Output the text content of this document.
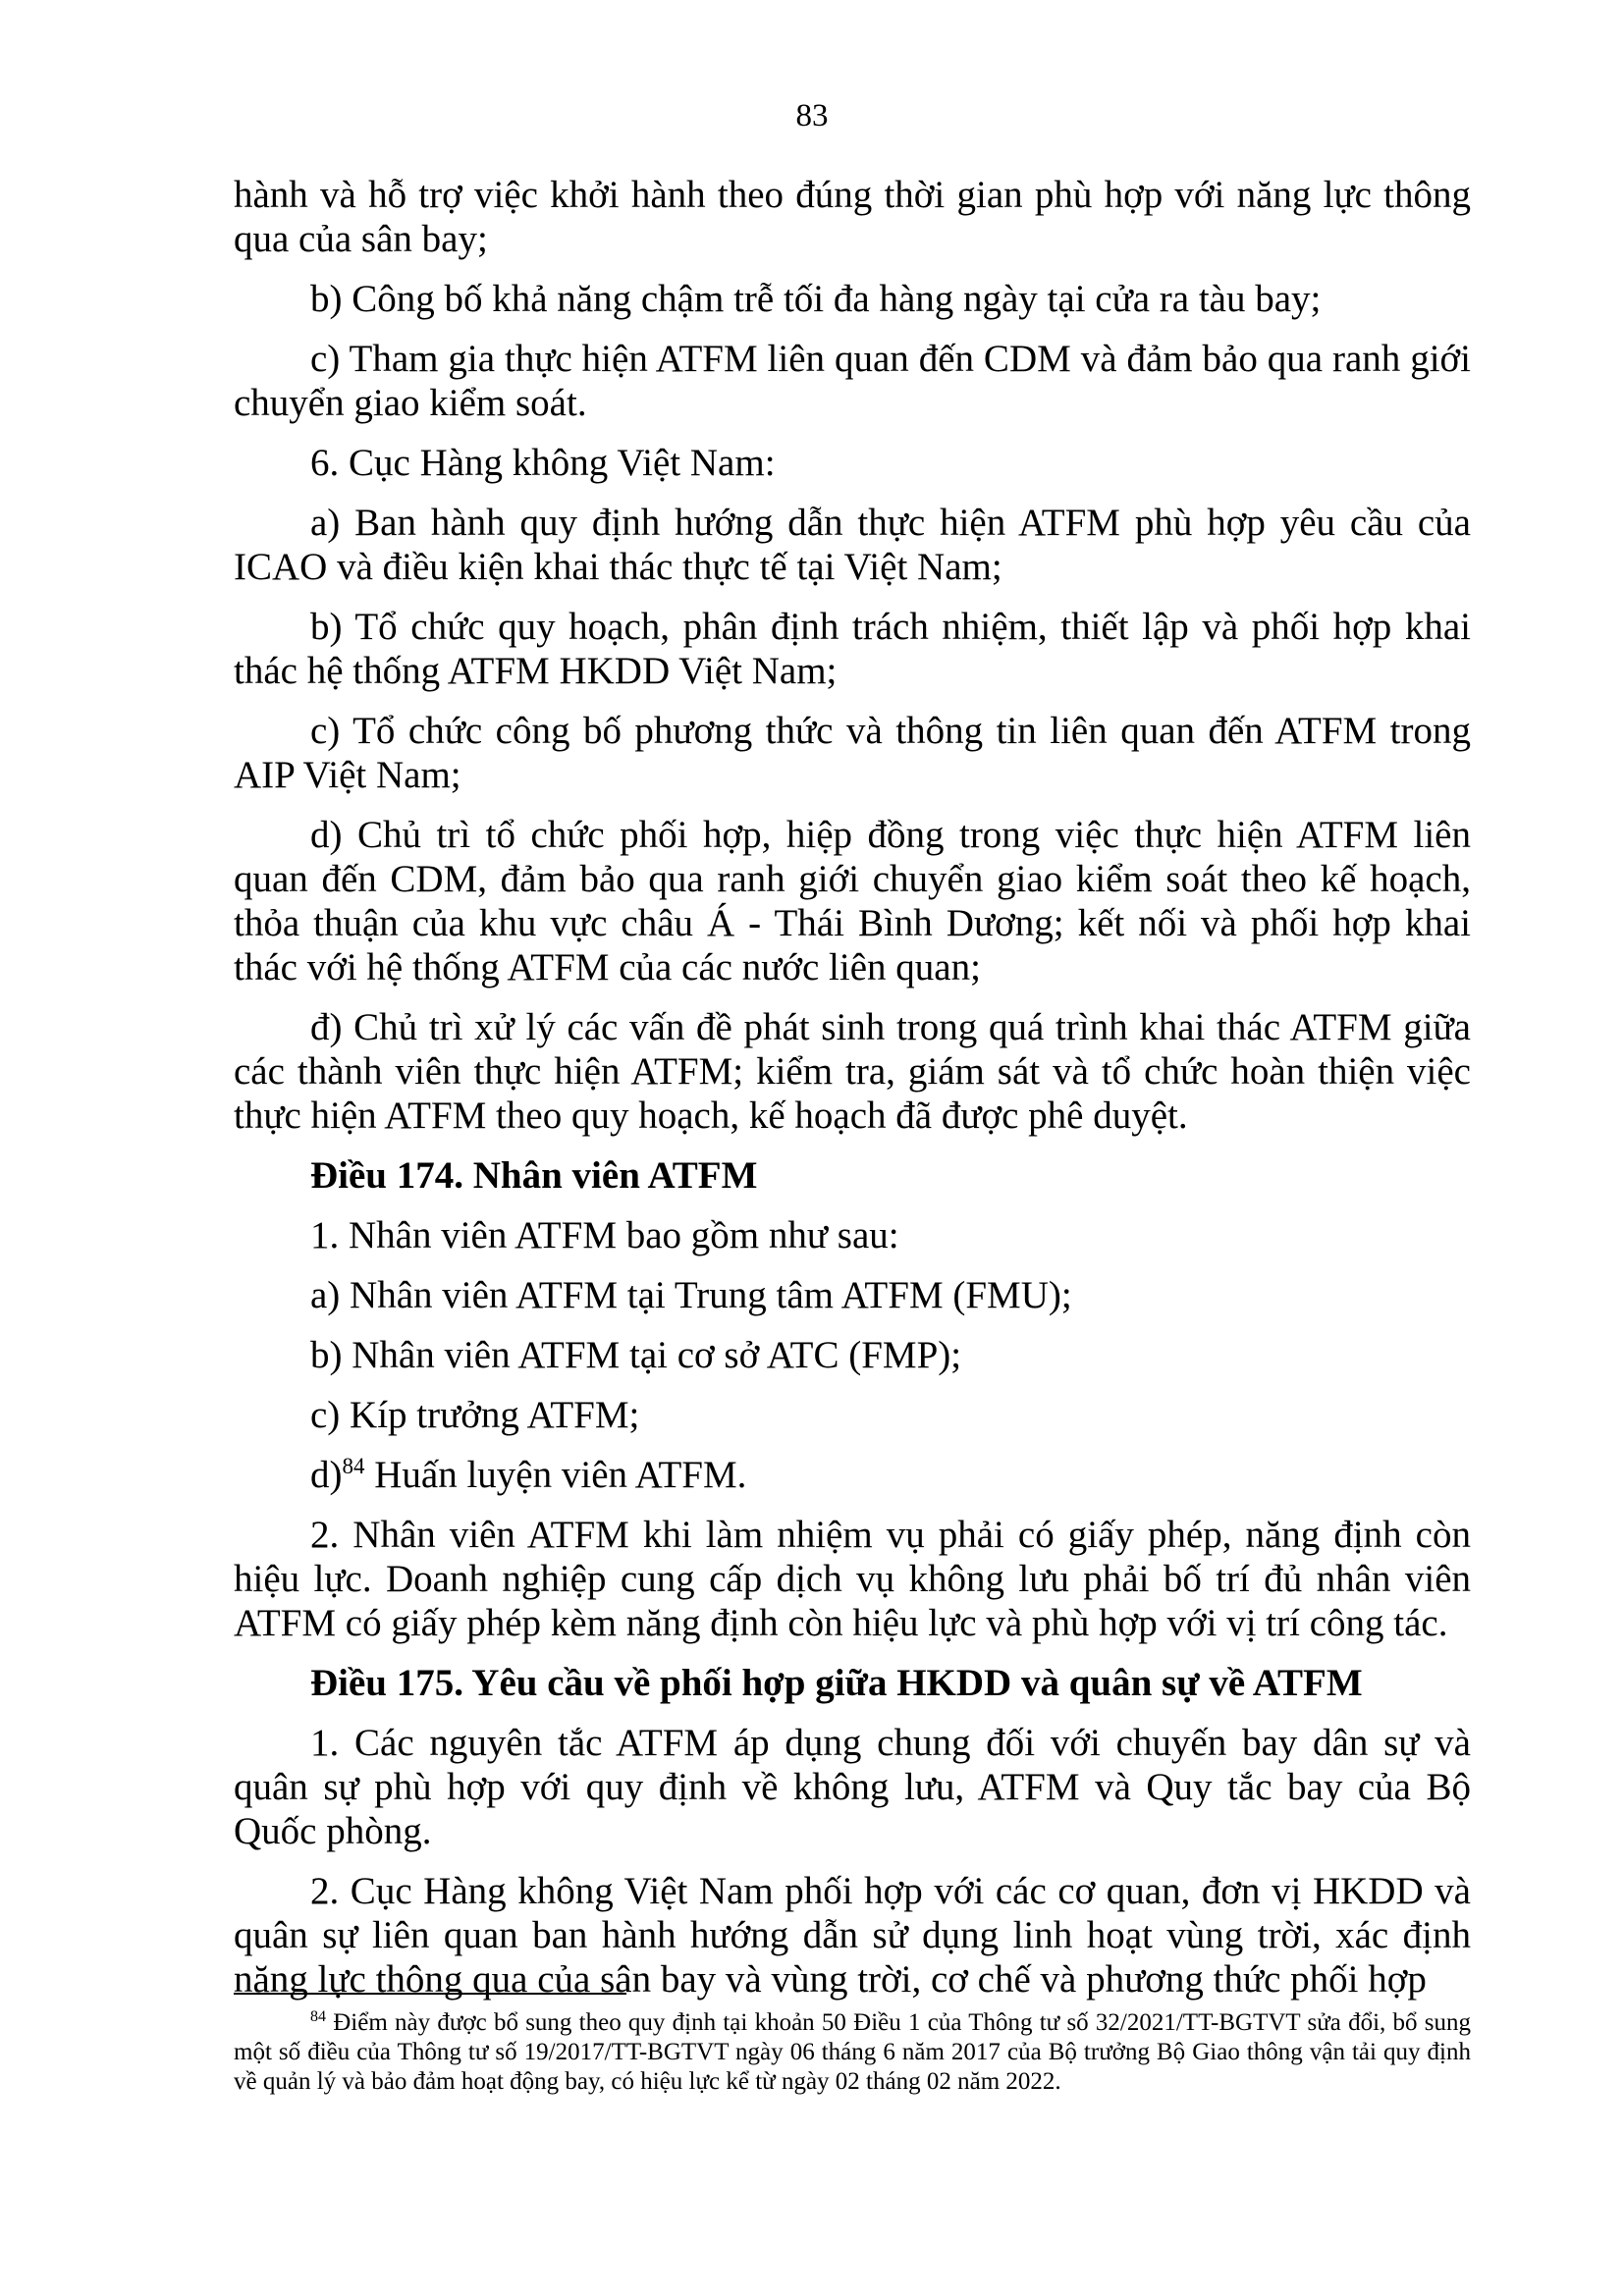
83

hành và hỗ trợ việc khởi hành theo đúng thời gian phù hợp với năng lực thông qua của sân bay;

b) Công bố khả năng chậm trễ tối đa hàng ngày tại cửa ra tàu bay;

c) Tham gia thực hiện ATFM liên quan đến CDM và đảm bảo qua ranh giới chuyển giao kiểm soát.

6. Cục Hàng không Việt Nam:

a) Ban hành quy định hướng dẫn thực hiện ATFM phù hợp yêu cầu của ICAO và điều kiện khai thác thực tế tại Việt Nam;

b) Tổ chức quy hoạch, phân định trách nhiệm, thiết lập và phối hợp khai thác hệ thống ATFM HKDD Việt Nam;

c) Tổ chức công bố phương thức và thông tin liên quan đến ATFM trong AIP Việt Nam;

d) Chủ trì tổ chức phối hợp, hiệp đồng trong việc thực hiện ATFM liên quan đến CDM, đảm bảo qua ranh giới chuyển giao kiểm soát theo kế hoạch, thỏa thuận của khu vực châu Á - Thái Bình Dương; kết nối và phối hợp khai thác với hệ thống ATFM của các nước liên quan;

đ) Chủ trì xử lý các vấn đề phát sinh trong quá trình khai thác ATFM giữa các thành viên thực hiện ATFM; kiểm tra, giám sát và tổ chức hoàn thiện việc thực hiện ATFM theo quy hoạch, kế hoạch đã được phê duyệt.

Điều 174. Nhân viên ATFM

1. Nhân viên ATFM bao gồm như sau:

a) Nhân viên ATFM tại Trung tâm ATFM (FMU);

b) Nhân viên ATFM tại cơ sở ATC (FMP);

c) Kíp trưởng ATFM;

d)$^{84}$ Huấn luyện viên ATFM.

2. Nhân viên ATFM khi làm nhiệm vụ phải có giấy phép, năng định còn hiệu lực. Doanh nghiệp cung cấp dịch vụ không lưu phải bố trí đủ nhân viên ATFM có giấy phép kèm năng định còn hiệu lực và phù hợp với vị trí công tác.

Điều 175. Yêu cầu về phối hợp giữa HKDD và quân sự về ATFM

1. Các nguyên tắc ATFM áp dụng chung đối với chuyến bay dân sự và quân sự phù hợp với quy định về không lưu, ATFM và Quy tắc bay của Bộ Quốc phòng.

2. Cục Hàng không Việt Nam phối hợp với các cơ quan, đơn vị HKDD và quân sự liên quan ban hành hướng dẫn sử dụng linh hoạt vùng trời, xác định năng lực thông qua của sân bay và vùng trời, cơ chế và phương thức phối hợp

$^{84}$ Điểm này được bổ sung theo quy định tại khoản 50 Điều 1 của Thông tư số 32/2021/TT-BGTVT sửa đổi, bổ sung một số điều của Thông tư số 19/2017/TT-BGTVT ngày 06 tháng 6 năm 2017 của Bộ trưởng Bộ Giao thông vận tải quy định về quản lý và bảo đảm hoạt động bay, có hiệu lực kể từ ngày 02 tháng 02 năm 2022.
